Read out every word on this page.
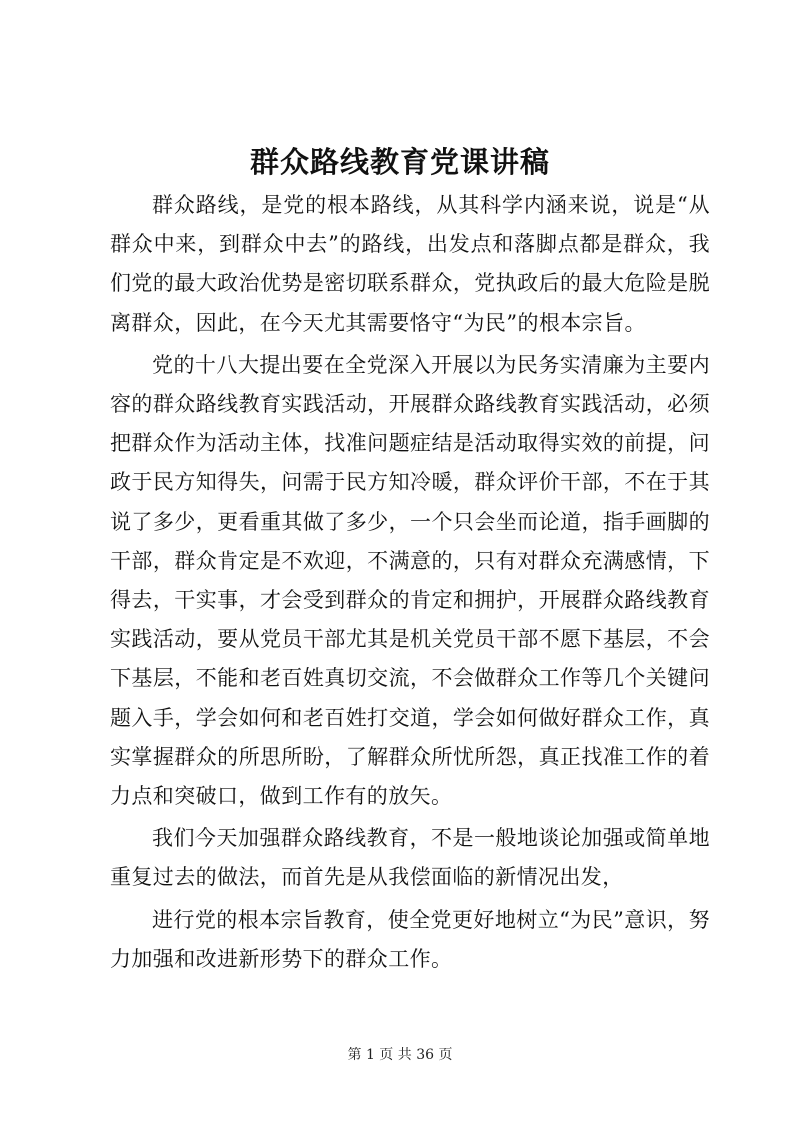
群众路线教育党课讲稿

群众路线，是党的根本路线，从其科学内涵来说，说是“从群众中来，到群众中去”的路线，出发点和落脚点都是群众，我们党的最大政治优势是密切联系群众，党执政后的最大危险是脱离群众，因此，在今天尤其需要恪守“为民”的根本宗旨。

党的十八大提出要在全党深入开展以为民务实清廉为主要内容的群众路线教育实践活动，开展群众路线教育实践活动，必须把群众作为活动主体，找准问题症结是活动取得实效的前提，问政于民方知得失，问需于民方知冷暖，群众评价干部，不在于其说了多少，更看重其做了多少，一个只会坐而论道，指手画脚的干部，群众肯定是不欢迎，不满意的，只有对群众充满感情，下得去，干实事，才会受到群众的肯定和拥护，开展群众路线教育实践活动，要从党员干部尤其是机关党员干部不愿下基层，不会下基层，不能和老百姓真切交流，不会做群众工作等几个关键问题入手，学会如何和老百姓打交道，学会如何做好群众工作，真实掌握群众的所思所盼，了解群众所忧所怨，真正找准工作的着力点和突破口，做到工作有的放矢。

我们今天加强群众路线教育，不是一般地谈论加强或简单地重复过去的做法，而首先是从我偿面临的新情况出发，

进行党的根本宗旨教育，使全党更好地树立“为民”意识，努力加强和改进新形势下的群众工作。

第 1 页 共 36 页
